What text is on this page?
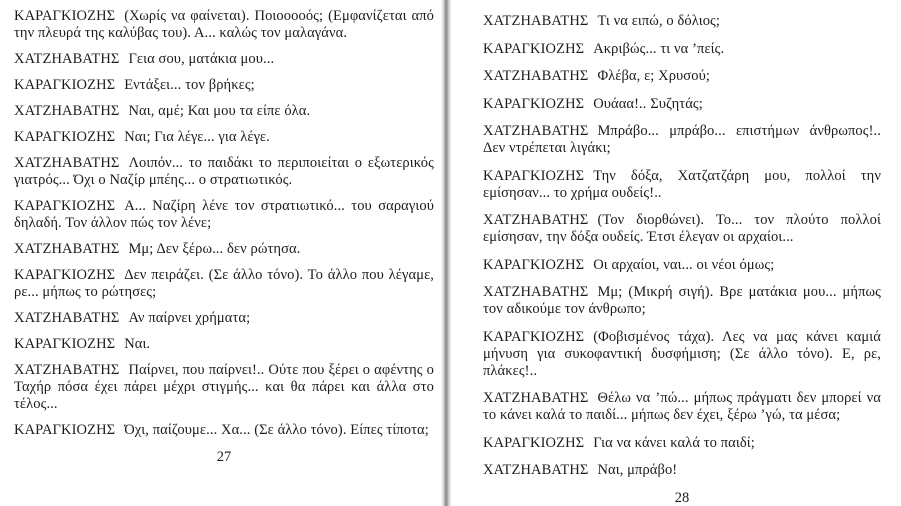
ΚΑΡΑΓΚΙΟΖΗΣ (Χωρίς να φαίνεται). Ποιοοοοός; (Εμφανίζεται από την πλευρά της καλύβας του). Α... καλώς τον μαλαγάνα.

ΧΑΤΖΗΑΒΑΤΗΣ Γεια σου, ματάκια μου...

ΚΑΡΑΓΚΙΟΖΗΣ Εντάξει... τον βρήκες;

ΧΑΤΖΗΑΒΑΤΗΣ Ναι, αμέ; Και μου τα είπε όλα.

ΚΑΡΑΓΚΙΟΖΗΣ Ναι; Για λέγε... για λέγε.

ΧΑΤΖΗΑΒΑΤΗΣ Λοιπόν... το παιδάκι το περιποιείται ο εξωτερικός γιατρός... Όχι ο Ναζίρ μπέης... ο στρατιωτικός.

ΚΑΡΑΓΚΙΟΖΗΣ Α... Ναζίρη λένε τον στρατιωτικό... του σαραγιού δηλαδή. Τον άλλον πώς τον λένε;

ΧΑΤΖΗΑΒΑΤΗΣ Μμ; Δεν ξέρω... δεν ρώτησα.

ΚΑΡΑΓΚΙΟΖΗΣ Δεν πειράζει. (Σε άλλο τόνο). Το άλλο που λέγαμε, ρε... μήπως το ρώτησες;

ΧΑΤΖΗΑΒΑΤΗΣ Αν παίρνει χρήματα;

ΚΑΡΑΓΚΙΟΖΗΣ Ναι.

ΧΑΤΖΗΑΒΑΤΗΣ Παίρνει, που παίρνει!.. Ούτε που ξέρει ο αφέντης ο Ταχήρ πόσα έχει πάρει μέχρι στιγμής... και θα πάρει και άλλα στο τέλος...

ΚΑΡΑΓΚΙΟΖΗΣ Όχι, παίζουμε... Χα... (Σε άλλο τόνο). Είπες τίποτα;

27

ΧΑΤΖΗΑΒΑΤΗΣ Τι να ειπώ, ο δόλιος;

ΚΑΡΑΓΚΙΟΖΗΣ Ακριβώς... τι να ’πείς.

ΧΑΤΖΗΑΒΑΤΗΣ Φλέβα, ε; Χρυσού;

ΚΑΡΑΓΚΙΟΖΗΣ Ουάαα!.. Συζητάς;

ΧΑΤΖΗΑΒΑΤΗΣ Μπράβο... μπράβο... επιστήμων άνθρωπος!.. Δεν ντρέπεται λιγάκι;

ΚΑΡΑΓΚΙΟΖΗΣ Την δόξα, Χατζατζάρη μου, πολλοί την εμίσησαν... το χρήμα ουδείς!..

ΧΑΤΖΗΑΒΑΤΗΣ (Τον διορθώνει). Το... τον πλούτο πολλοί εμίσησαν, την δόξα ουδείς. Έτσι έλεγαν οι αρχαίοι...

ΚΑΡΑΓΚΙΟΖΗΣ Οι αρχαίοι, ναι... οι νέοι όμως;

ΧΑΤΖΗΑΒΑΤΗΣ Μμ; (Μικρή σιγή). Βρε ματάκια μου... μήπως τον αδικούμε τον άνθρωπο;

ΚΑΡΑΓΚΙΟΖΗΣ (Φοβισμένος τάχα). Λες να μας κάνει καμιά μήνυση για συκοφαντική δυσφήμιση; (Σε άλλο τόνο). Ε, ρε, πλάκες!..

ΧΑΤΖΗΑΒΑΤΗΣ Θέλω να ’πώ... μήπως πράγματι δεν μπορεί να το κάνει καλά το παιδί... μήπως δεν έχει, ξέρω ’γώ, τα μέσα;

ΚΑΡΑΓΚΙΟΖΗΣ Για να κάνει καλά το παιδί;

ΧΑΤΖΗΑΒΑΤΗΣ Ναι, μπράβο!

28
